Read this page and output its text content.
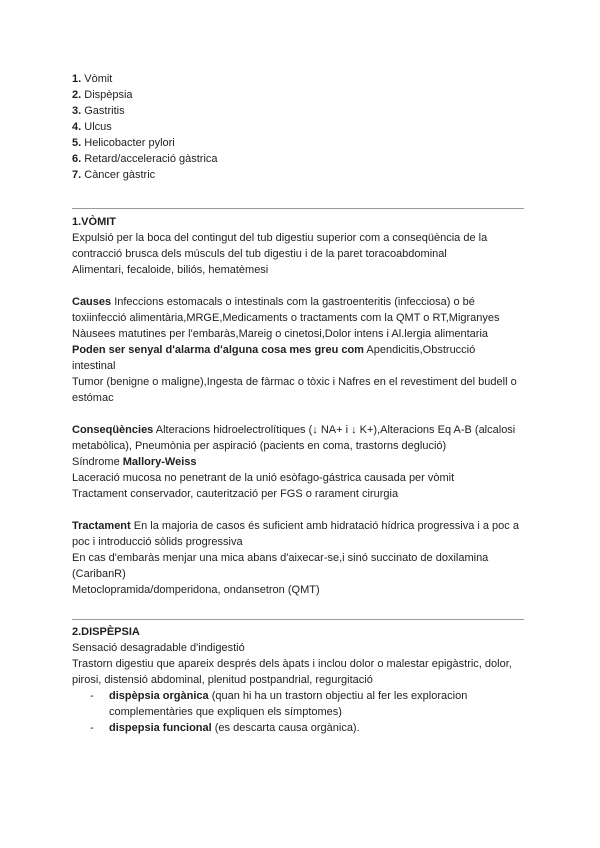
1. Vòmit
2. Dispèpsia
3. Gastritis
4. Ulcus
5. Helicobacter pylori
6. Retard/acceleració gàstrica
7. Càncer gàstric

1.VÒMIT

Expulsió per la boca del contingut del tub digestiu superior com a conseqüència de la

contracció brusca dels músculs del tub digestiu i de la paret toracoabdominal

Alimentari, fecaloide, biliós, hematèmesi

Causes Infeccions estomacals o intestinals com la gastroenteritis (infecciosa) o bé

toxiinfecció alimentària,MRGE,Medicaments o tractaments com la QMT o RT,Migranyes

Nàusees matutines per l'embaràs,Mareig o cinetosi,Dolor intens i Al.lergia alimentaria

Poden ser senyal d'alarma d'alguna cosa mes greu com Apendicitis,Obstrucció

intestinal

Tumor (benigne o maligne),Ingesta de fàrmac o tòxic i Nafres en el revestiment del budell o

estómac

Conseqüències Alteracions hidroelectrolítiques (↓ NA+ i ↓ K+),Alteracions Eq A-B (alcalosi

metabòlica), Pneumònia per aspiració (pacients en coma, trastorns deglució)

Síndrome Mallory-Weiss

Laceració mucosa no penetrant de la unió esòfago-gástrica causada per vòmit

Tractament conservador, cauterització per FGS o rarament cirurgia

Tractament En la majoria de casos és suficient amb hidratació hídrica progressiva i a poc a

poc i introducció sòlids progressiva

En cas d'embaràs menjar una mica abans d'aixecar-se,i sinó succinato de doxilamina

(CaribanR)

Metoclopramida/domperidona, ondansetron (QMT)

2.DISPÈPSIA

Sensació desagradable d'indigestió

Trastorn digestiu que apareix després dels àpats i inclou dolor o malestar epigàstric, dolor,

pirosi, distensió abdominal, plenitud postpandrial, regurgitació

- dispèpsia orgànica (quan hi ha un trastorn objectiu al fer les exploracion
complementàries que expliquen els símptomes)
- dispepsia funcional (es descarta causa orgànica).
